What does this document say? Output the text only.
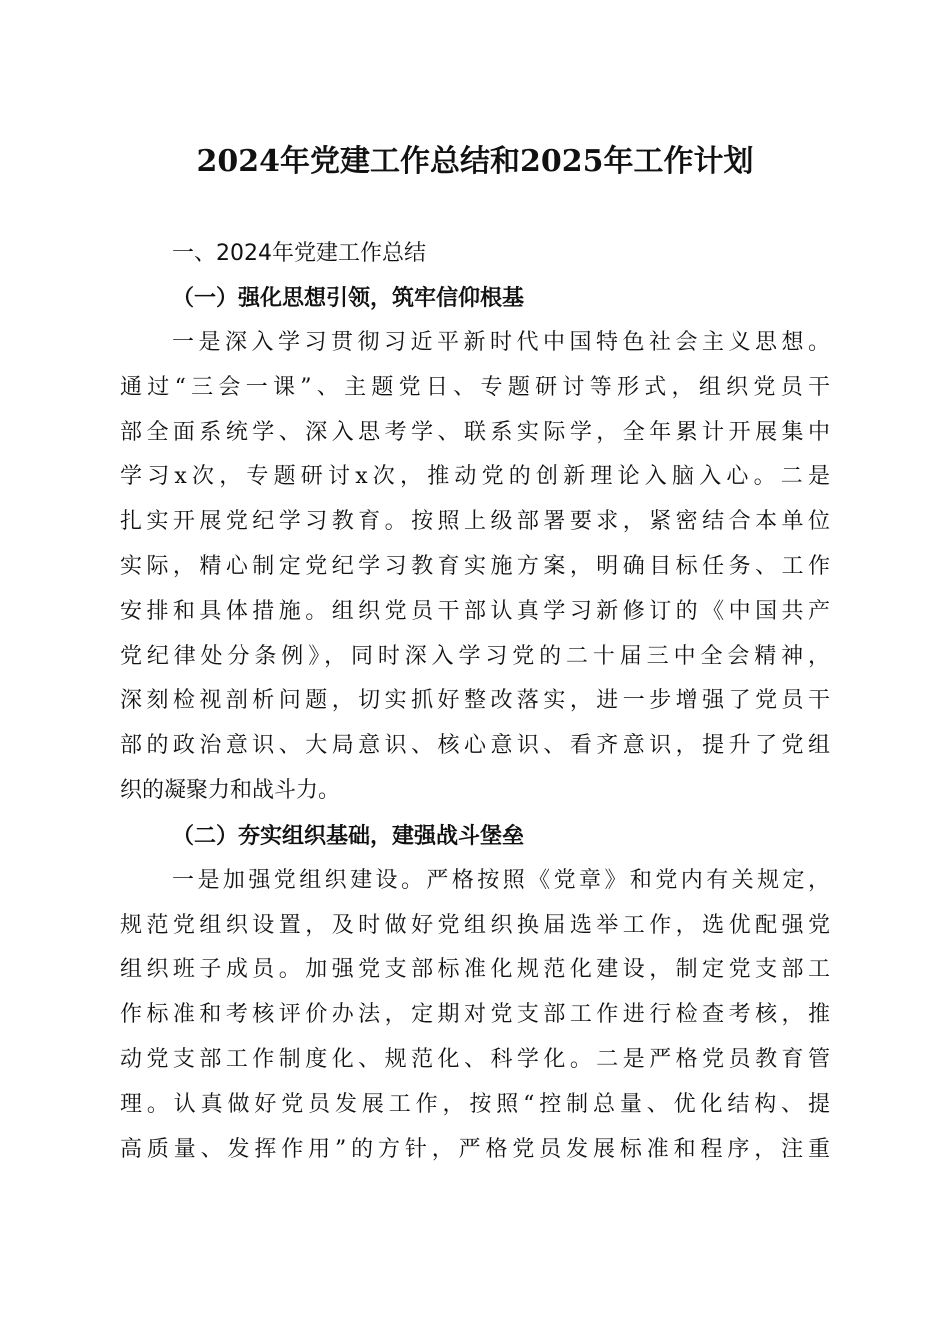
2024年党建工作总结和2025年工作计划
一、2024年党建工作总结
（一）强化思想引领，筑牢信仰根基
一是深入学习贯彻习近平新时代中国特色社会主义思想。
通过“三会一课”、主题党日、专题研讨等形式，组织党员干
部全面系统学、深入思考学、联系实际学，全年累计开展集中
学习x次，专题研讨x次，推动党的创新理论入脑入心。二是
扎实开展党纪学习教育。按照上级部署要求，紧密结合本单位
实际，精心制定党纪学习教育实施方案，明确目标任务、工作
安排和具体措施。组织党员干部认真学习新修订的《中国共产
党纪律处分条例》，同时深入学习党的二十届三中全会精神，
深刻检视剖析问题，切实抓好整改落实，进一步增强了党员干
部的政治意识、大局意识、核心意识、看齐意识，提升了党组
织的凝聚力和战斗力。
（二）夯实组织基础，建强战斗堡垒
一是加强党组织建设。严格按照《党章》和党内有关规定，
规范党组织设置，及时做好党组织换届选举工作，选优配强党
组织班子成员。加强党支部标准化规范化建设，制定党支部工
作标准和考核评价办法，定期对党支部工作进行检查考核，推
动党支部工作制度化、规范化、科学化。二是严格党员教育管
理。认真做好党员发展工作，按照“控制总量、优化结构、提
高质量、发挥作用”的方针，严格党员发展标准和程序，注重
